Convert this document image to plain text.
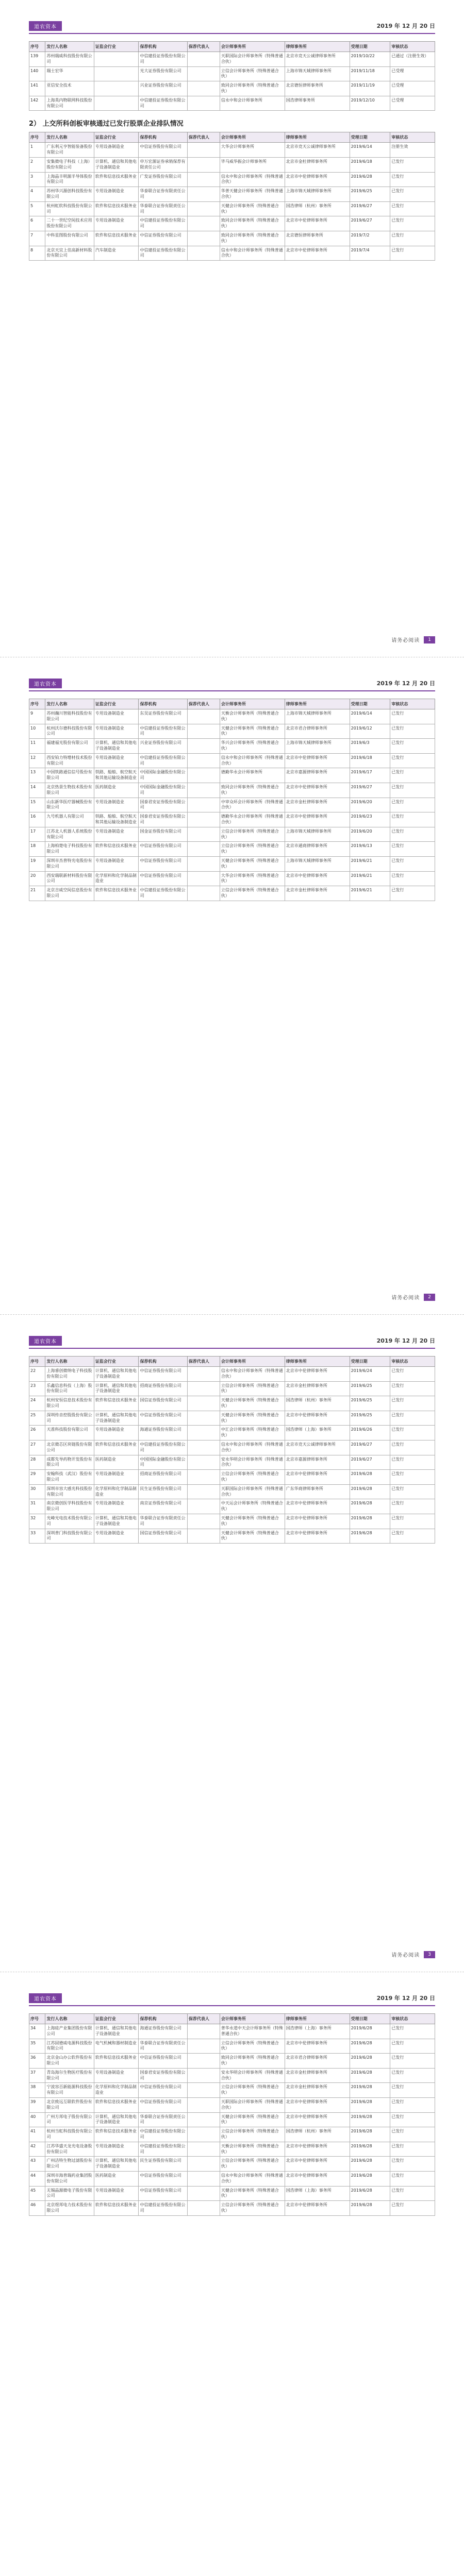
道农资本	2019 年 12 月 20 日
序号	发行人名称	证监会行业	保荐机构	保荐代表人	会计师事务所	律师事务所	受理日期	审核状态
139	苏州瑞威科技股份有限公司		中信建投证券股份有限公司		天职国际会计师事务所（特殊普通合伙）	北京市竞天公诚律师事务所	2019/10/22	已通过（注册生效）
140	瑞士宏华		光大证券股份有限公司		立信会计师事务所（特殊普通合伙）	上海市锦天城律师事务所	2019/11/18	已受理
141	亚信安全技术		兴业证券股份有限公司		致同会计师事务所（特殊普通合伙）	北京德恒律师事务所	2019/11/19	已受理
142	上海英内物联网科技股份有限公司		中信建投证券股份有限公司		信永中和会计师事务所	国浩律师事务所	2019/12/10	已受理
2） 上交所科创板审核通过已发行股票企业排队情况
序号	发行人名称	证监会行业	保荐机构	保荐代表人	会计师事务所	律师事务所	受理日期	审核状态
1	广东利元亨智能装备股份有限公司	专用设备制造业	中信证券股份有限公司		大华会计师事务所	北京市竞天公诚律师事务所	2019/6/14	注册生效
2	安集微电子科技（上海）股份有限公司	计算机、通信和其他电子设备制造业	申万宏源证券承销保荐有限责任公司		毕马威华振会计师事务所	北京市金杜律师事务所	2019/6/18	已发行
3	上海晶丰明源半导体股份有限公司	软件和信息技术服务业	广发证券股份有限公司		信永中和会计师事务所（特殊普通合伙）	北京市中伦律师事务所	2019/6/28	已发行
4	苏州华兴源创科技股份有限公司	专用设备制造业	华泰联合证券有限责任公司		华普天健会计师事务所（特殊普通合伙）	上海市锦天城律师事务所	2019/6/25	已发行
5	杭州虹软科技股份有限公司	软件和信息技术服务业	华泰联合证券有限责任公司		天健会计师事务所（特殊普通合伙）	国浩律师（杭州）事务所	2019/6/27	已发行
6	二十一世纪空间技术应用股份有限公司	专用设备制造业	中信建投证券股份有限公司		致同会计师事务所（特殊普通合伙）	北京市中伦律师事务所	2019/6/27	已发行
7	中科星图股份有限公司	软件和信息技术服务业	中信证券股份有限公司		致同会计师事务所（特殊普通合伙）	北京德恒律师事务所	2019/7/2	已发行
8	北京天宜上佳高新材料股份有限公司	汽车制造业	中信建投证券股份有限公司		信永中和会计师事务所（特殊普通合伙）	北京市中伦律师事务所	2019/7/4	已发行
请务必阅读	1
道农资本	2019 年 12 月 20 日
序号	发行人名称	证监会行业	保荐机构	保荐代表人	会计师事务所	律师事务所	受理日期	审核状态
9	苏州瀚川智能科技股份有限公司	专用设备制造业	东吴证券股份有限公司		天衡会计师事务所（特殊普通合伙）	上海市锦天城律师事务所	2019/6/14	已发行
10	杭州沃尔德科技股份有限公司	专用设备制造业	中信建投证券股份有限公司		天健会计师事务所（特殊普通合伙）	北京市君合律师事务所	2019/6/12	已发行
11	福建福光股份有限公司	计算机、通信和其他电子设备制造业	兴业证券股份有限公司		华兴会计师事务所（特殊普通合伙）	上海市锦天城律师事务所	2019/6/3	已发行
12	西安铂力特增材技术股份有限公司	专用设备制造业	中信建投证券股份有限公司		信永中和会计师事务所（特殊普通合伙）	北京市中伦律师事务所	2019/6/18	已发行
13	中国铁路通信信号股份有限公司	铁路、船舶、航空航天和其他运输设备制造业	中国国际金融股份有限公司		德勤华永会计师事务所	北京市嘉源律师事务所	2019/6/17	已发行
14	北京热景生物技术股份有限公司	医药制造业	中国国际金融股份有限公司		致同会计师事务所（特殊普通合伙）	北京市中伦律师事务所	2019/6/27	已发行
15	山东新华医疗器械股份有限公司	专用设备制造业	国泰君安证券股份有限公司		中审众环会计师事务所（特殊普通合伙）	北京市金杜律师事务所	2019/6/20	已发行
16	九号机器人有限公司	铁路、船舶、航空航天和其他运输设备制造业	国泰君安证券股份有限公司		德勤华永会计师事务所（特殊普通合伙）	北京市中伦律师事务所	2019/6/23	已发行
17	江苏北人机器人系统股份有限公司	专用设备制造业	国金证券股份有限公司		立信会计师事务所（特殊普通合伙）	上海市锦天城律师事务所	2019/6/20	已发行
18	上海柏楚电子科技股份有限公司	软件和信息技术服务业	中信证券股份有限公司		立信会计师事务所（特殊普通合伙）	北京市通商律师事务所	2019/6/13	已发行
19	深圳市杰普特光电股份有限公司	专用设备制造业	中信证券股份有限公司		天健会计师事务所（特殊普通合伙）	上海市锦天城律师事务所	2019/6/21	已发行
20	西安瑞联新材料股份有限公司	化学原料和化学制品制造业	中信证券股份有限公司		大华会计师事务所（特殊普通合伙）	北京市中伦律师事务所	2019/6/21	已发行
21	北京吉威空间信息股份有限公司	软件和信息技术服务业	中信建投证券股份有限公司		立信会计师事务所（特殊普通合伙）	北京市金杜律师事务所	2019/6/21	已发行
请务必阅读	2
道农资本	2019 年 12 月 20 日
序号	发行人名称	证监会行业	保荐机构	保荐代表人	会计师事务所	律师事务所	受理日期	审核状态
22	上海睿创微纳电子科技股份有限公司	计算机、通信和其他电子设备制造业	中信证券股份有限公司		信永中和会计师事务所（特殊普通合伙）	北京市中伦律师事务所	2019/6/24	已发行
23	乐鑫信息科技（上海）股份有限公司	计算机、通信和其他电子设备制造业	招商证券股份有限公司		立信会计师事务所（特殊普通合伙）	北京市金杜律师事务所	2019/6/25	已发行
24	杭州安恒信息技术股份有限公司	软件和信息技术服务业	国信证券股份有限公司		天健会计师事务所（特殊普通合伙）	国浩律师（杭州）事务所	2019/6/25	已发行
25	深圳传音控股股份有限公司	计算机、通信和其他电子设备制造业	中信证券股份有限公司		天健会计师事务所（特殊普通合伙）	北京市中伦律师事务所	2019/6/25	已发行
26	天准科技股份有限公司	专用设备制造业	海通证券股份有限公司		中汇会计师事务所（特殊普通合伙）	国浩律师（上海）事务所	2019/6/26	已发行
27	北京微芯区块链股份有限公司	软件和信息技术服务业	中信建投证券股份有限公司		信永中和会计师事务所（特殊普通合伙）	北京市竞天公诚律师事务所	2019/6/27	已发行
28	成都先导药物开发股份有限公司	医药制造业	中国国际金融股份有限公司		安永华明会计师事务所（特殊普通合伙）	北京市嘉源律师事务所	2019/6/27	已发行
29	安翰科技（武汉）股份有限公司	专用设备制造业	招商证券股份有限公司		立信会计师事务所（特殊普通合伙）	北京市中伦律师事务所	2019/6/28	已发行
30	深圳市容大感光科技股份有限公司	化学原料和化学制品制造业	民生证券股份有限公司		天职国际会计师事务所（特殊普通合伙）	广东华商律师事务所	2019/6/28	已发行
31	南京微创医学科技股份有限公司	专用设备制造业	南京证券股份有限公司		中天运会计师事务所（特殊普通合伙）	北京市中伦律师事务所	2019/6/28	已发行
32	光峰光电技术股份有限公司	计算机、通信和其他电子设备制造业	华泰联合证券有限责任公司		天健会计师事务所（特殊普通合伙）	北京市中伦律师事务所	2019/6/28	已发行
33	深圳普门科技股份有限公司	专用设备制造业	国信证券股份有限公司		天健会计师事务所（特殊普通合伙）	北京市中伦律师事务所	2019/6/28	已发行
请务必阅读	3
道农资本	2019 年 12 月 20 日
序号	发行人名称	证监会行业	保荐机构	保荐代表人	会计师事务所	律师事务所	受理日期	审核状态
34	上海硅产业集团股份有限公司	计算机、通信和其他电子设备制造业	海通证券股份有限公司		普华永道中天会计师事务所（特殊普通合伙）	国浩律师（上海）事务所	2019/6/28	已发行
35	江苏固德威电源科技股份有限公司	电气机械和器材制造业	华泰联合证券有限责任公司		立信会计师事务所（特殊普通合伙）	北京市中伦律师事务所	2019/6/28	已发行
36	北京金山办公软件股份有限公司	软件和信息技术服务业	中信证券股份有限公司		致同会计师事务所（特殊普通合伙）	北京市君合律师事务所	2019/6/28	已发行
37	青岛海尔生物医疗股份有限公司	专用设备制造业	国泰君安证券股份有限公司		安永华明会计师事务所（特殊普通合伙）	北京市金杜律师事务所	2019/6/28	已发行
38	宁波容百新能源科技股份有限公司	化学原料和化学制品制造业	中信证券股份有限公司		立信会计师事务所（特殊普通合伙）	北京市金杜律师事务所	2019/6/28	已发行
39	北京致远互联软件股份有限公司	软件和信息技术服务业	中信证券股份有限公司		天职国际会计师事务所（特殊普通合伙）	北京市中伦律师事务所	2019/6/28	已发行
40	广州方邦电子股份有限公司	计算机、通信和其他电子设备制造业	华泰联合证券有限责任公司		天健会计师事务所（特殊普通合伙）	北京市中伦律师事务所	2019/6/28	已发行
41	杭州当虹科技股份有限公司	软件和信息技术服务业	中信建投证券股份有限公司		立信会计师事务所（特殊普通合伙）	国浩律师（杭州）事务所	2019/6/28	已发行
42	江苏华盛天龙光电设备股份有限公司	专用设备制造业	中信建投证券股份有限公司		天衡会计师事务所（特殊普通合伙）	北京市中伦律师事务所	2019/6/28	已发行
43	广州洁特生物过滤股份有限公司	计算机、通信和其他电子设备制造业	民生证券股份有限公司		立信会计师事务所（特殊普通合伙）	北京市中伦律师事务所	2019/6/28	已发行
44	深圳市海普瑞药业集团股份有限公司	医药制造业	中信证券股份有限公司		信永中和会计师事务所（特殊普通合伙）	北京市中伦律师事务所	2019/6/28	已发行
45	无锡晶源微电子股份有限公司	专用设备制造业	中信证券股份有限公司		天健会计师事务所（特殊普通合伙）	国浩律师（上海）事务所	2019/6/28	已发行
46	北京煜邦电力技术股份有限公司	软件和信息技术服务业	中信建投证券股份有限公司		立信会计师事务所（特殊普通合伙）	北京市中伦律师事务所	2019/6/28	已发行
